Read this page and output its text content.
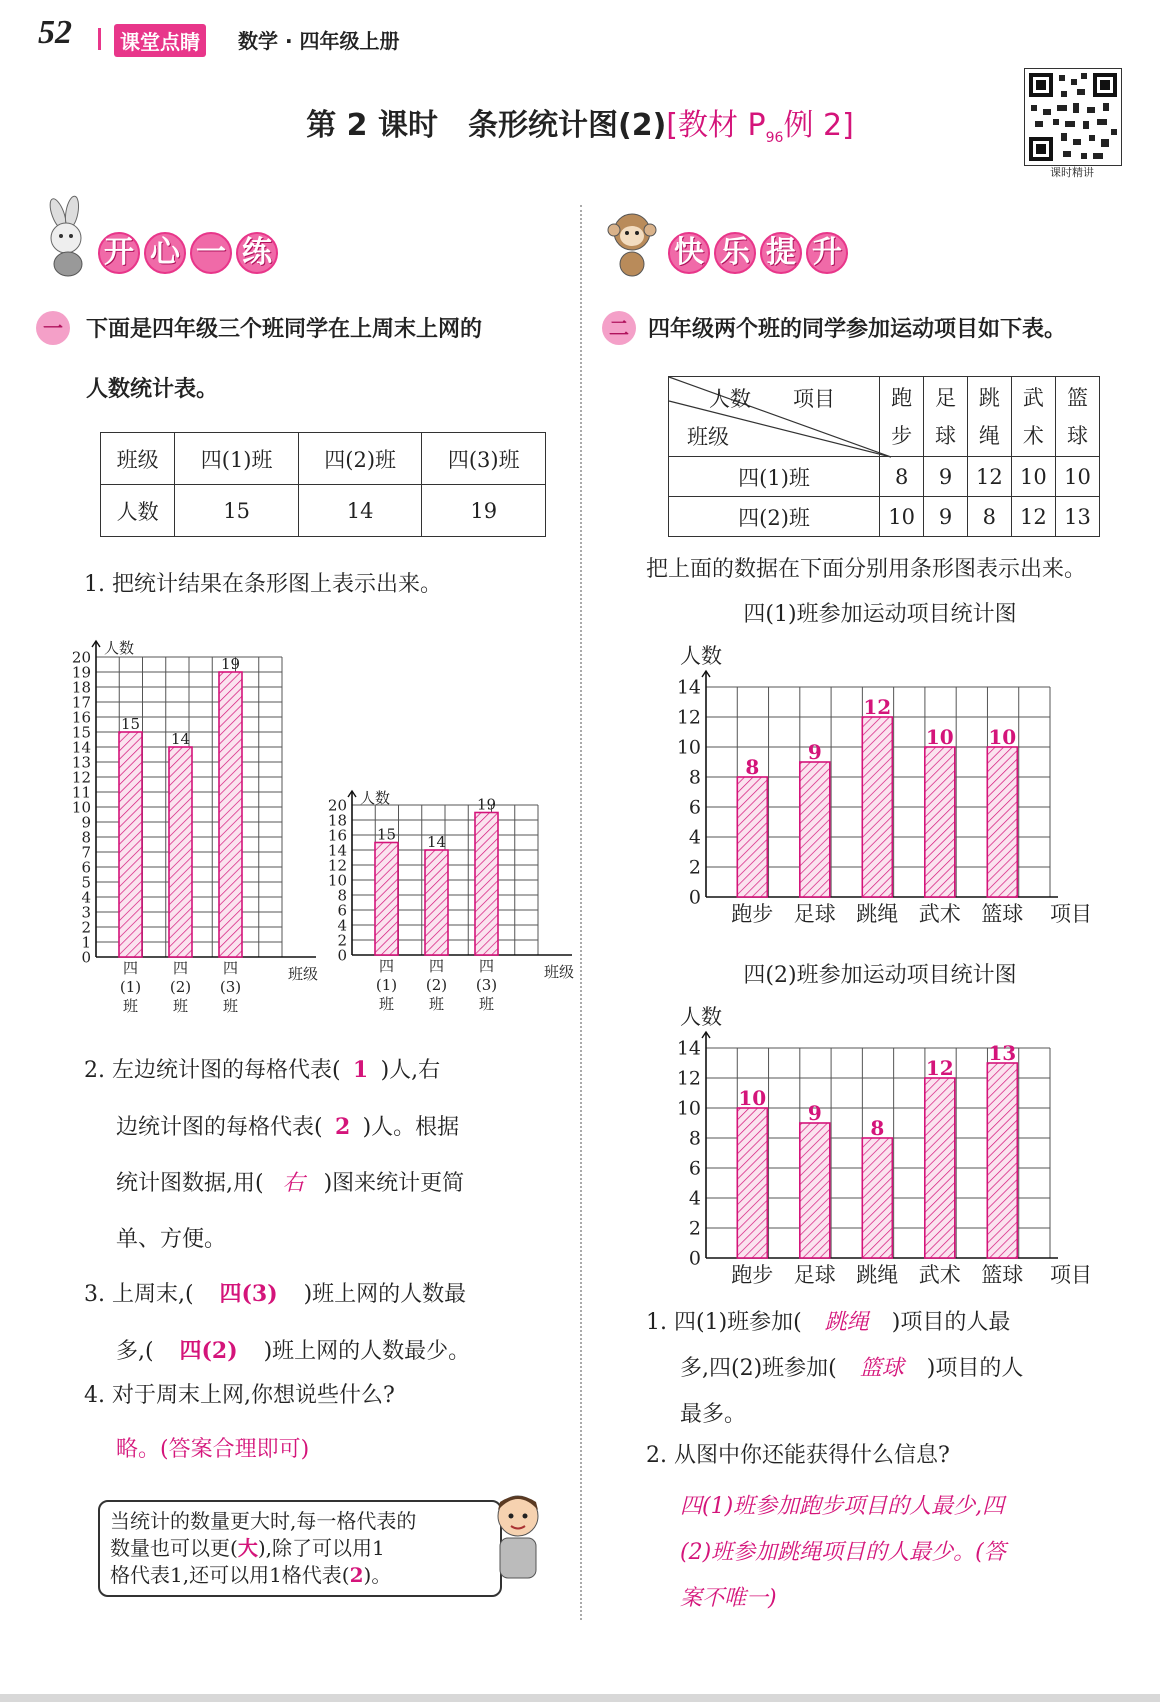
52	课堂点睛	数学 · 四年级上册
第 2 课时　条形统计图(2)[教材 $P_{96}$例 2]
课时精讲
开 心 一 练
一	下面是四年级三个班同学在上周末上网的
人数统计表。
班级	四(1)班	四(2)班	四(3)班
人数	15	14	19
1. 把统计结果在条形图上表示出来。
0
1
2
3
4
5
6
7
8
9
10
11
12
13
14
15
16
17
18
19
20
人数
班级
15
四(1)班
14
四(2)班
19
四(3)班
0
2
4
6
8
10
12
14
16
18
20 人数
班级
15
四(1)班
14
四(2)班
19
四(3)班
2. 左边统计图的每格代表( 1 )人,右
边统计图的每格代表( 2 )人。根据
统计图数据,用( 右 )图来统计更简
单、方便。
3. 上周末,( 四(3) )班上网的人数最
多,( 四(2) )班上网的人数最少。
4. 对于周末上网,你想说些什么?
略。(答案合理即可)
当统计的数量更大时,每一格代表的
数量也可以更(大),除了可以用1
格代表1,还可以用1格代表(2)。
快 乐 提 升
二 四年级两个班的同学参加运动项目如下表。
人数　　项目
班级	跑步	足球	跳绳	武术	篮球
四(1)班	8	9	12	10	10
四(2)班	10	9	8	12	13
把上面的数据在下面分别用条形图表示出来。
四(1)班参加运动项目统计图
0
2
4
6
8
10
12
14
人数
项目
8
跑步
9
足球
12
跳绳
10
武术
10
篮球
四(2)班参加运动项目统计图
0
2
4
6
8
10
12
14
人数
项目
10
跑步
9
足球
8
跳绳
12
武术
13
篮球
1. 四(1)班参加( 跳绳 )项目的人最
多,四(2)班参加( 篮球 )项目的人
最多。
2. 从图中你还能获得什么信息?
四(1)班参加跑步项目的人最少,四
(2)班参加跳绳项目的人最少。(答
案不唯一)
